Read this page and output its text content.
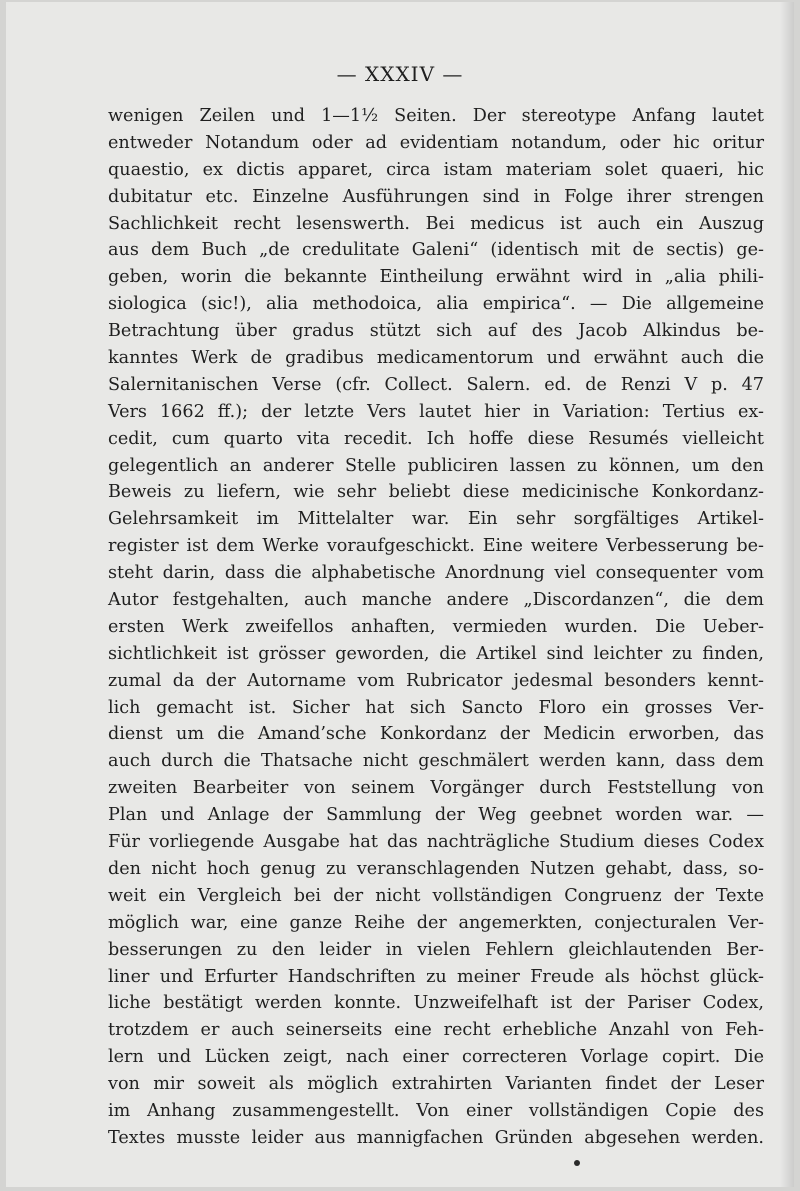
— XXXIV —
wenigen Zeilen und 1—1½ Seiten. Der stereotype Anfang lautet
entweder Notandum oder ad evidentiam notandum, oder hic oritur
quaestio, ex dictis apparet, circa istam materiam solet quaeri, hic
dubitatur etc. Einzelne Ausführungen sind in Folge ihrer strengen
Sachlichkeit recht lesenswerth. Bei medicus ist auch ein Auszug
aus dem Buch „de credulitate Galeni“ (identisch mit de sectis) ge-
geben, worin die bekannte Eintheilung erwähnt wird in „alia phili-
siologica (sic!), alia methodoica, alia empirica“. — Die allgemeine
Betrachtung über gradus stützt sich auf des Jacob Alkindus be-
kanntes Werk de gradibus medicamentorum und erwähnt auch die
Salernitanischen Verse (cfr. Collect. Salern. ed. de Renzi V p. 47
Vers 1662 ff.); der letzte Vers lautet hier in Variation: Tertius ex-
cedit, cum quarto vita recedit. Ich hoffe diese Resumés vielleicht
gelegentlich an anderer Stelle publiciren lassen zu können, um den
Beweis zu liefern, wie sehr beliebt diese medicinische Konkordanz-
Gelehrsamkeit im Mittelalter war. Ein sehr sorgfältiges Artikel-
register ist dem Werke voraufgeschickt. Eine weitere Verbesserung be-
steht darin, dass die alphabetische Anordnung viel consequenter vom
Autor festgehalten, auch manche andere „Discordanzen“, die dem
ersten Werk zweifellos anhaften, vermieden wurden. Die Ueber-
sichtlichkeit ist grösser geworden, die Artikel sind leichter zu finden,
zumal da der Autorname vom Rubricator jedesmal besonders kennt-
lich gemacht ist. Sicher hat sich Sancto Floro ein grosses Ver-
dienst um die Amand’sche Konkordanz der Medicin erworben, das
auch durch die Thatsache nicht geschmälert werden kann, dass dem
zweiten Bearbeiter von seinem Vorgänger durch Feststellung von
Plan und Anlage der Sammlung der Weg geebnet worden war. —
Für vorliegende Ausgabe hat das nachträgliche Studium dieses Codex
den nicht hoch genug zu veranschlagenden Nutzen gehabt, dass, so-
weit ein Vergleich bei der nicht vollständigen Congruenz der Texte
möglich war, eine ganze Reihe der angemerkten, conjecturalen Ver-
besserungen zu den leider in vielen Fehlern gleichlautenden Ber-
liner und Erfurter Handschriften zu meiner Freude als höchst glück-
liche bestätigt werden konnte. Unzweifelhaft ist der Pariser Codex,
trotzdem er auch seinerseits eine recht erhebliche Anzahl von Feh-
lern und Lücken zeigt, nach einer correcteren Vorlage copirt. Die
von mir soweit als möglich extrahirten Varianten findet der Leser
im Anhang zusammengestellt. Von einer vollständigen Copie des
Textes musste leider aus mannigfachen Gründen abgesehen werden.
